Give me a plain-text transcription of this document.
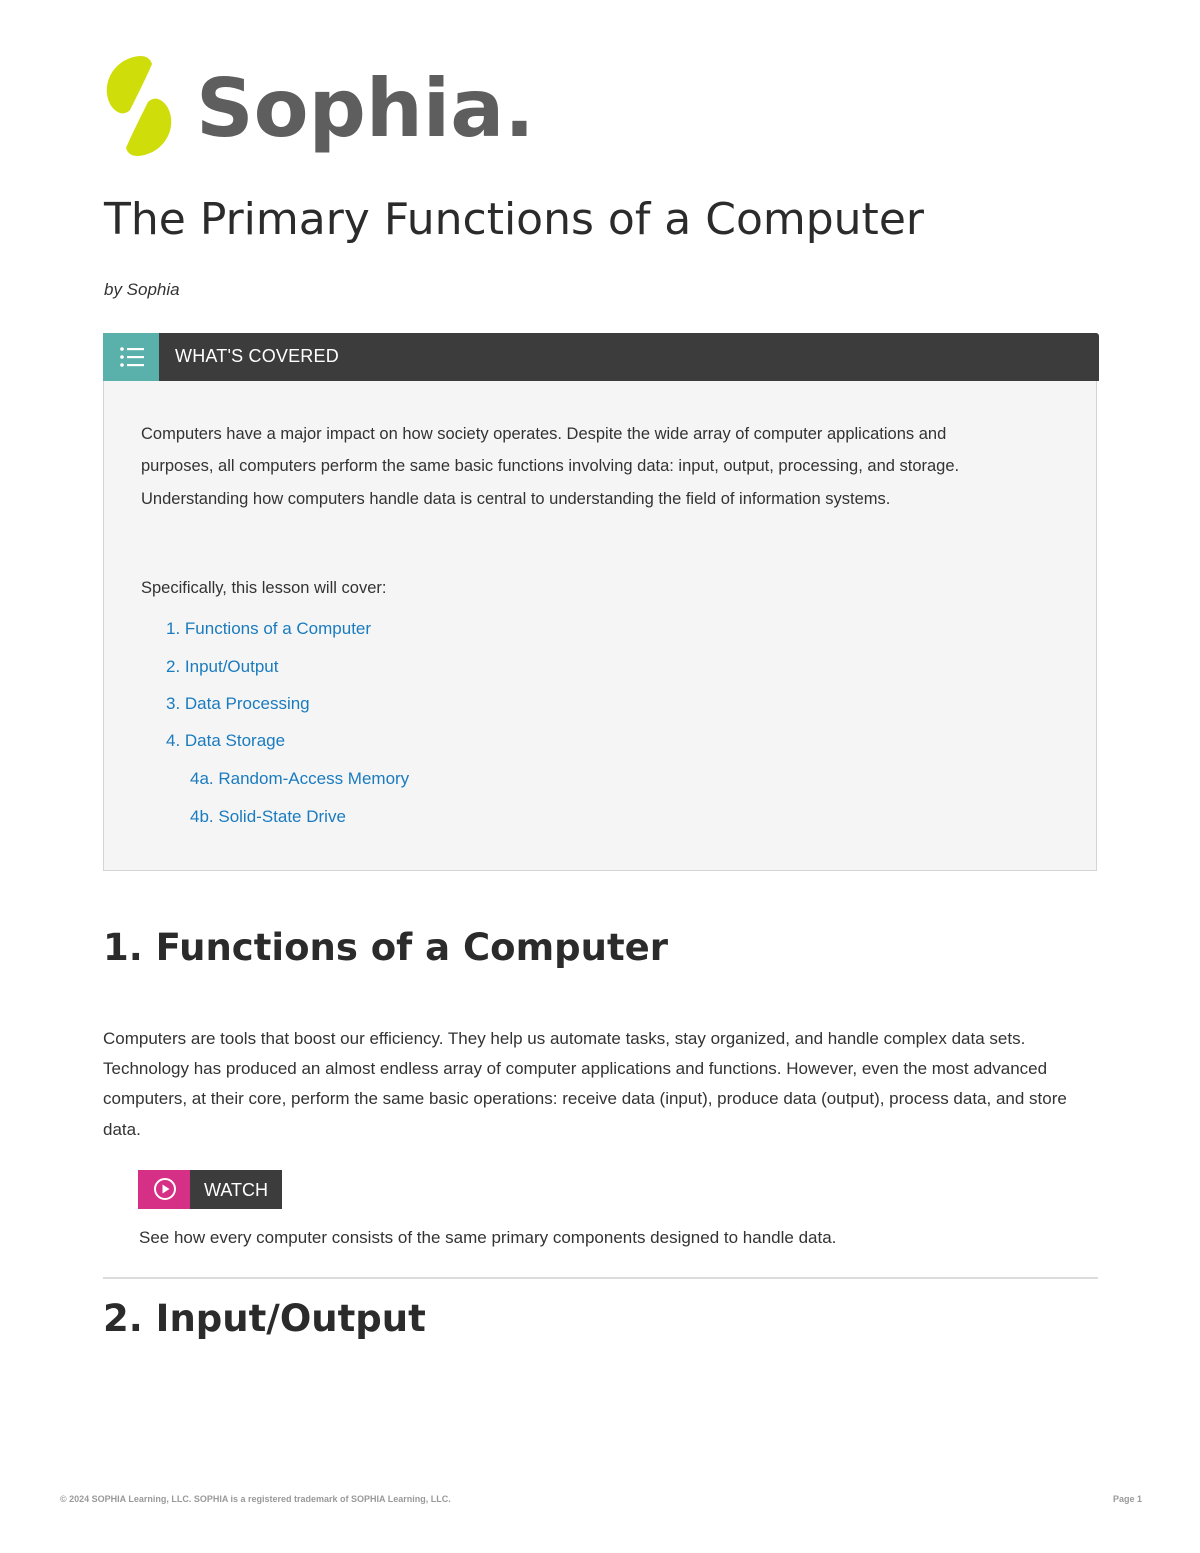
Sophia.
The Primary Functions of a Computer
by Sophia
WHAT'S COVERED

Computers have a major impact on how society operates. Despite the wide array of computer applications and purposes, all computers perform the same basic functions involving data: input, output, processing, and storage. Understanding how computers handle data is central to understanding the field of information systems.

Specifically, this lesson will cover:
1. Functions of a Computer
2. Input/Output
3. Data Processing
4. Data Storage
4a. Random-Access Memory
4b. Solid-State Drive
1. Functions of a Computer

Computers are tools that boost our efficiency. They help us automate tasks, stay organized, and handle complex data sets. Technology has produced an almost endless array of computer applications and functions. However, even the most advanced computers, at their core, perform the same basic operations: receive data (input), produce data (output), process data, and store data.

WATCH
See how every computer consists of the same primary components designed to handle data.
2. Input/Output
© 2024 SOPHIA Learning, LLC. SOPHIA is a registered trademark of SOPHIA Learning, LLC.	Page 1
